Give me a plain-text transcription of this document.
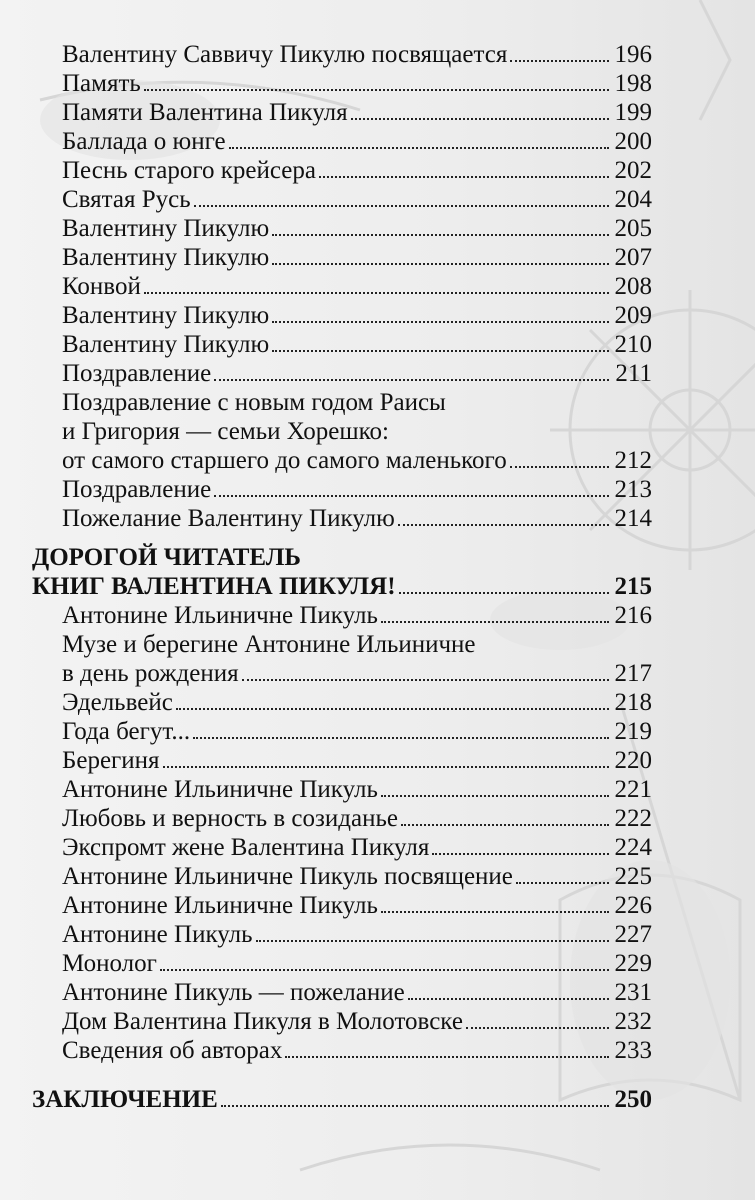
Валентину Саввичу Пикулю посвящается	196
Память	198
Памяти Валентина Пикуля	199
Баллада о юнге	200
Песнь старого крейсера	202
Святая Русь	204
Валентину Пикулю	205
Валентину Пикулю	207
Конвой	208
Валентину Пикулю	209
Валентину Пикулю	210
Поздравление	211
Поздравление с новым годом Раисы
и Григория — семьи Хорешко:
от самого старшего до самого маленького	212
Поздравление	213
Пожелание Валентину Пикулю	214
ДОРОГОЙ ЧИТАТЕЛЬ
КНИГ ВАЛЕНТИНА ПИКУЛЯ!	215
Антонине Ильиничне Пикуль	216
Музе и берегине Антонине Ильиничне
в день рождения	217
Эдельвейс	218
Года бегут...	219
Берегиня	220
Антонине Ильиничне Пикуль	221
Любовь и верность в созиданье	222
Экспромт жене Валентина Пикуля	224
Антонине Ильиничне Пикуль посвящение	225
Антонине Ильиничне Пикуль	226
Антонине Пикуль	227
Монолог	229
Антонине Пикуль — пожелание	231
Дом Валентина Пикуля в Молотовске	232
Сведения об авторах	233
ЗАКЛЮЧЕНИЕ	250
